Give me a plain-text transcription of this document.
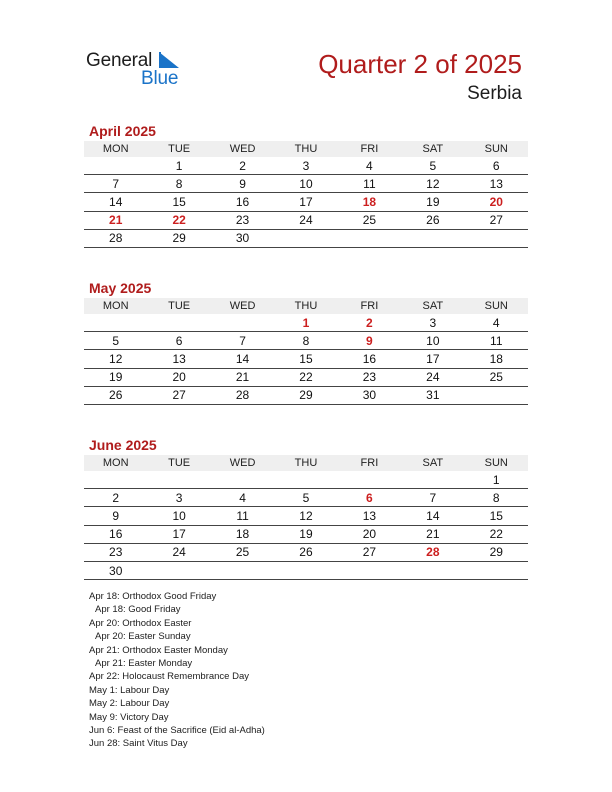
General
Blue	Quarter 2 of 2025
Serbia
April 2025
MON	TUE	WED	THU	FRI	SAT	SUN
	1	2	3	4	5	6
7	8	9	10	11	12	13
14	15	16	17	18	19	20
21	22	23	24	25	26	27
28	29	30				
May 2025
MON	TUE	WED	THU	FRI	SAT	SUN
			1	2	3	4
5	6	7	8	9	10	11
12	13	14	15	16	17	18
19	20	21	22	23	24	25
26	27	28	29	30	31	
June 2025
MON	TUE	WED	THU	FRI	SAT	SUN
						1
2	3	4	5	6	7	8
9	10	11	12	13	14	15
16	17	18	19	20	21	22
23	24	25	26	27	28	29
30						
Apr 18: Orthodox Good Friday
Apr 18: Good Friday
Apr 20: Orthodox Easter
Apr 20: Easter Sunday
Apr 21: Orthodox Easter Monday
Apr 21: Easter Monday
Apr 22: Holocaust Remembrance Day
May 1: Labour Day
May 2: Labour Day
May 9: Victory Day
Jun 6: Feast of the Sacrifice (Eid al-Adha)
Jun 28: Saint Vitus Day
